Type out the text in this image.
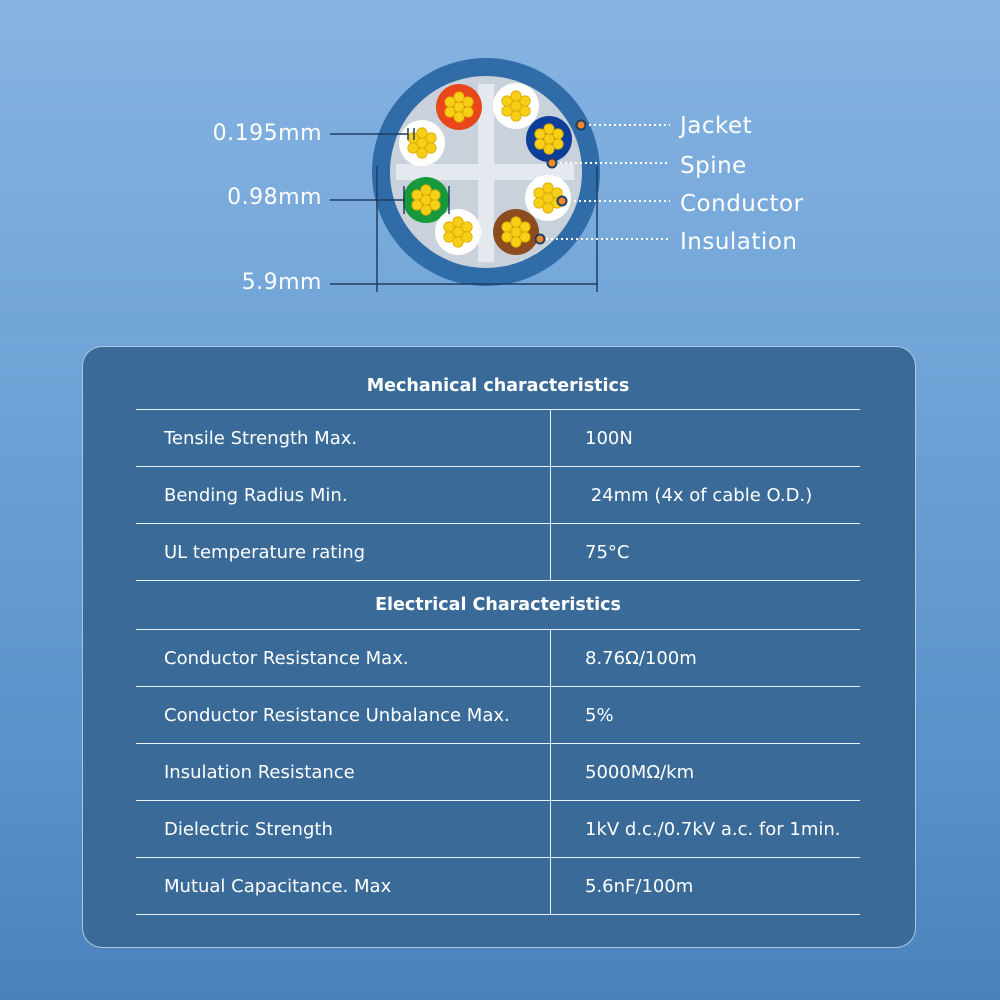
0.195mm
0.98mm
5.9mm
Jacket
Spine
Conductor
Insulation
Mechanical characteristics	
Tensile Strength Max.	100N
Bending Radius Min.	24mm (4x of cable O.D.)
UL temperature rating	75°C
Electrical Characteristics	
Conductor Resistance Max.	8.76Ω/100m
Conductor Resistance Unbalance Max.	5%
Insulation Resistance	5000MΩ/km
Dielectric Strength	1kV d.c./0.7kV a.c. for 1min.
Mutual Capacitance. Max	5.6nF/100m
